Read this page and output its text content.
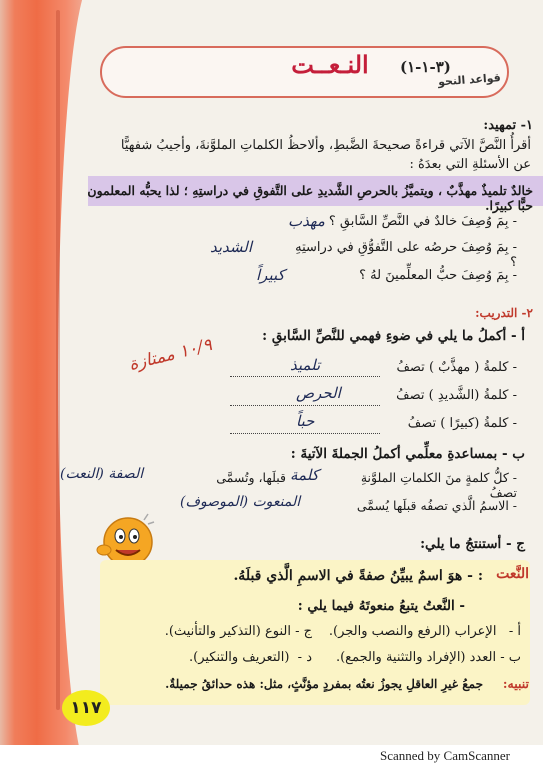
النـعــت	(٣-١-١)
قواعد النحو
١- تمهيد:
أقرأُ النَّصَّ الآتي قراءةً صحيحةَ الضَّبطِ، وألاحظُ الكلماتِ الملوَّنةَ، وأجيبُ شفهيًّا عن الأسئلةِ التي بعدَهُ :
خالدٌ تلميذٌ مهذَّبٌ ، ويتميَّزُ بالحرصِ الشَّديدِ على التَّفوقِ في دراستِهِ ؛ لذا يحبُّه المعلمون حبًّا كبيرًا.
- بِمَ وُصِفَ خالدٌ في النَّصِّ السَّابقِ ؟
مهذب
- بِمَ وُصِفَ حرصُه على التَّفوُّقِ في دراستِهِ ؟
الشديد
- بِمَ وُصِفَ حبُّ المعلِّمينَ لهُ ؟
كبيراً
٢- التدريب:
أ - أكملُ ما يلي في ضوءِ فهمي للنَّصِّ السَّابقِ :
١٠/٩ ممتازة
- كلمةُ ( مهذَّبٌ ) تصفُ
تلميذ
- كلمةُ (الشَّديدِ ) تصفُ
الحرص
- كلمةُ (كبيرًا ) تصفُ
حباً
ب - بمساعدةِ معلِّمي أكملُ الجملةَ الآتيةَ :
- كلُّ كلمةٍ منَ الكلماتِ الملوَّنةِ تصفُ
كلمة
قبلَها، وتُسمَّى
الصفة (النعت)
- الاسمُ الَّذي تصفُه قبلَها يُسمَّى
المنعوت (الموصوف)
ج - أستنتجُ ما يلي:
النَّعت
: - هوَ اسمٌ يبيِّنُ صفةً في الاسمِ الَّذي قبلَهُ.
- النَّعتُ يتبعُ منعوتَهُ فيما يلي :
أ -   الإعراب (الرفع والنصب والجر).
ج - النوع (التذكير والتأنيث).
ب - العدد (الإفراد والتثنية والجمع).
د -  (التعريف والتنكير).
تنبيه:
جمعُ غيرِ العاقلِ يجوزُ نعتُه بمفردٍ مؤنَّثٍ، مثل: هذه حدائقُ جميلةٌ.
١١٧
Scanned by CamScanner
